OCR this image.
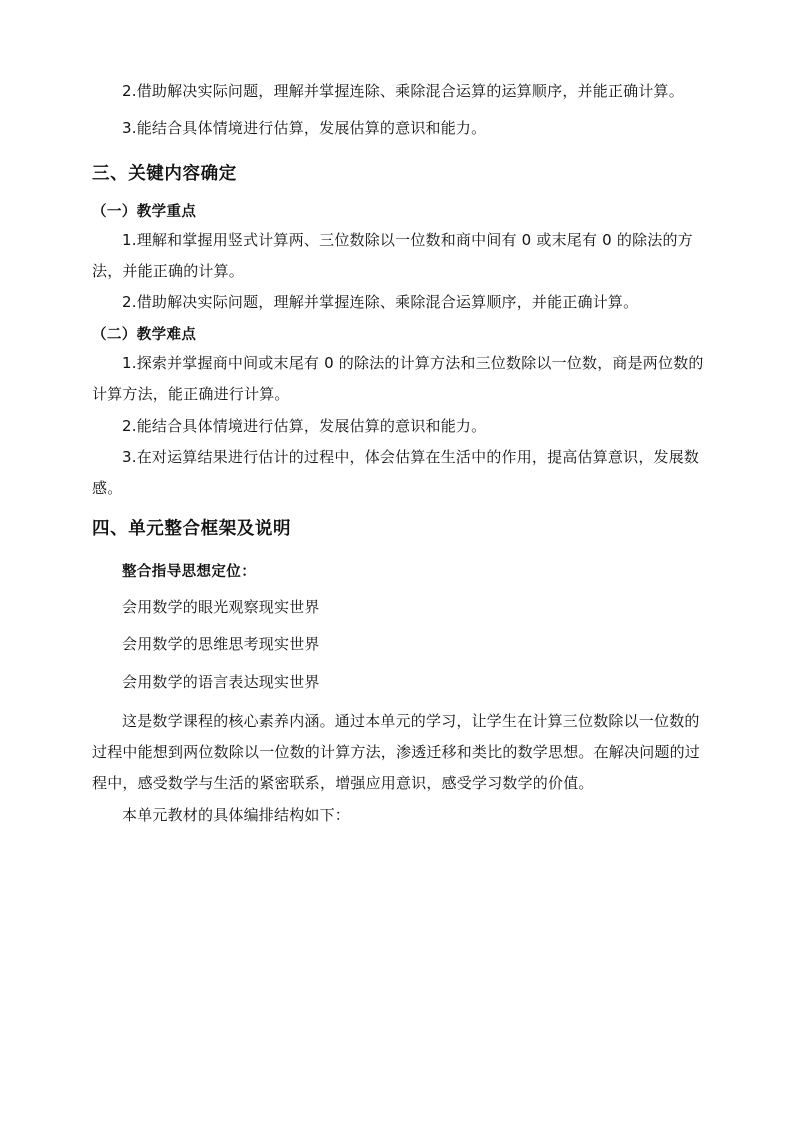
2.借助解决实际问题，理解并掌握连除、乘除混合运算的运算顺序，并能正确计算。
3.能结合具体情境进行估算，发展估算的意识和能力。
三、关键内容确定
（一）教学重点
1.理解和掌握用竖式计算两、三位数除以一位数和商中间有 0 或末尾有 0 的除法的方法，并能正确的计算。
2.借助解决实际问题，理解并掌握连除、乘除混合运算顺序，并能正确计算。
（二）教学难点
1.探索并掌握商中间或末尾有 0 的除法的计算方法和三位数除以一位数，商是两位数的计算方法，能正确进行计算。
2.能结合具体情境进行估算，发展估算的意识和能力。
3.在对运算结果进行估计的过程中，体会估算在生活中的作用，提高估算意识，发展数感。
四、单元整合框架及说明
整合指导思想定位：
会用数学的眼光观察现实世界
会用数学的思维思考现实世界
会用数学的语言表达现实世界
这是数学课程的核心素养内涵。通过本单元的学习，让学生在计算三位数除以一位数的过程中能想到两位数除以一位数的计算方法，渗透迁移和类比的数学思想。在解决问题的过程中，感受数学与生活的紧密联系，增强应用意识，感受学习数学的价值。
本单元教材的具体编排结构如下：
